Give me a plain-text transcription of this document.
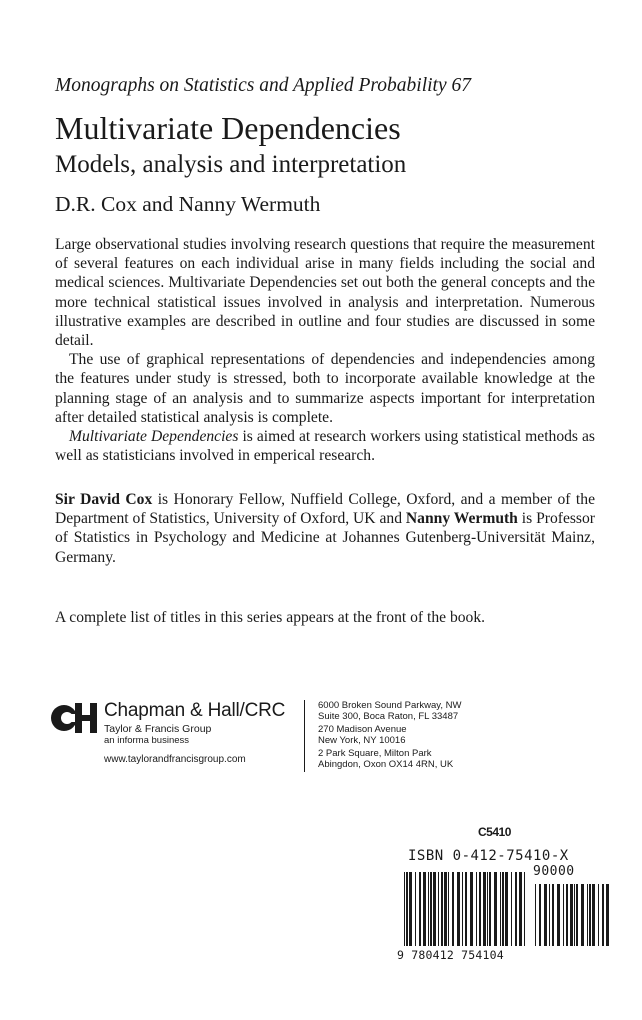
Monographs on Statistics and Applied Probability 67
Multivariate Dependencies
Models, analysis and interpretation
D.R. Cox and Nanny Wermuth

Large observational studies involving research questions that require the measurement of several features on each individual arise in many fields including the social and medical sciences. Multivariate Dependencies set out both the general concepts and the more technical statistical issues involved in analysis and interpretation. Numerous illustrative examples are described in outline and four studies are discussed in some detail.

The use of graphical representations of dependencies and independencies among the features under study is stressed, both to incorporate available knowledge at the planning stage of an analysis and to summarize aspects important for interpretation after detailed statistical analysis is complete.

Multivariate Dependencies is aimed at research workers using statistical methods as well as statisticians involved in emperical research.

Sir David Cox is Honorary Fellow, Nuffield College, Oxford, and a member of the Department of Statistics, University of Oxford, UK and Nanny Wermuth is Professor of Statistics in Psychology and Medicine at Johannes Gutenberg-Universität Mainz, Germany.
A complete list of titles in this series appears at the front of the book.
Chapman & Hall/CRC
Taylor & Francis Group
an informa business
www.taylorandfrancisgroup.com
6000 Broken Sound Parkway, NW
Suite 300, Boca Raton, FL 33487
270 Madison Avenue
New York, NY 10016
2 Park Square, Milton Park
Abingdon, Oxon OX14 4RN, UK
C5410
ISBN 0-412-75410-X
90000
9 780412 754104
